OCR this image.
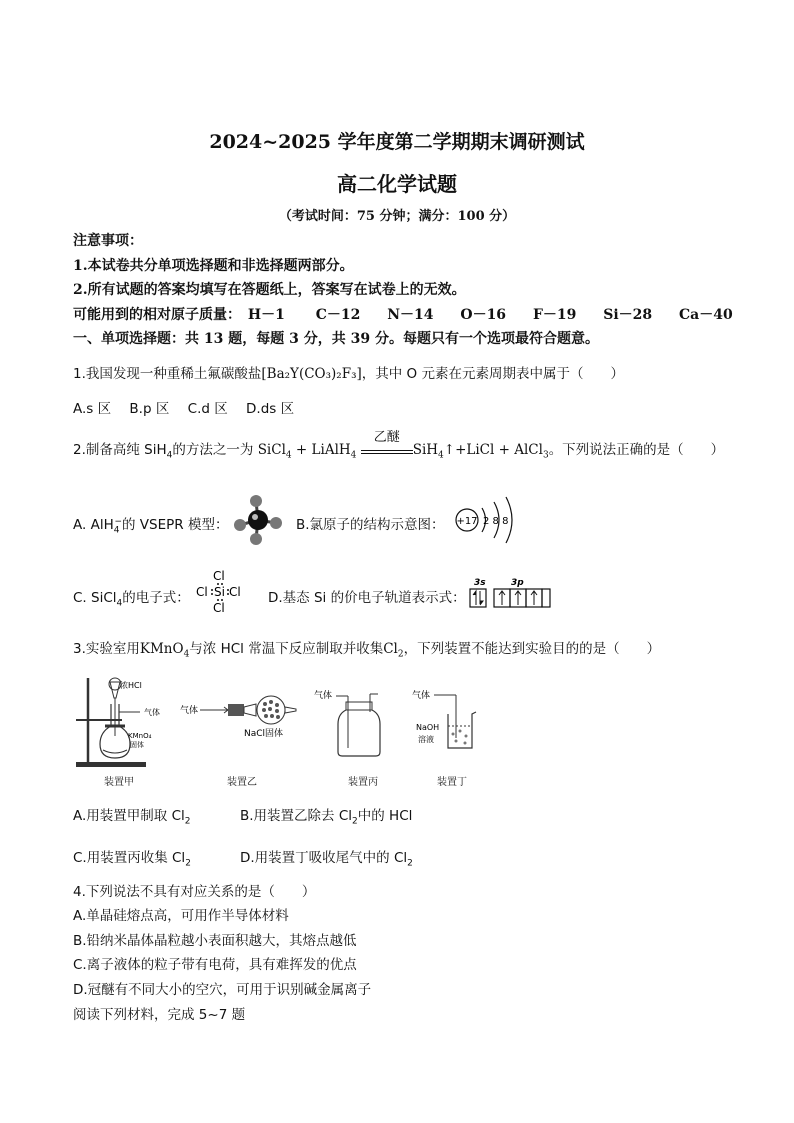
2024~2025 学年度第二学期期末调研测试
高二化学试题
（考试时间：75 分钟；满分：100 分）
注意事项：
1.本试卷共分单项选择题和非选择题两部分。
2.所有试题的答案均填写在答题纸上，答案写在试卷上的无效。
可能用到的相对原子质量： H－1 C－12 N－14 O－16 F－19 Si－28 Ca－40
一、单项选择题：共 13 题，每题 3 分，共 39 分。每题只有一个选项最符合题意。
1.我国发现一种重稀土氟碳酸盐[Ba₂Y(CO₃)₂F₃]，其中 O 元素在元素周期表中属于（　　）
A.s 区 B.p 区 C.d 区 D.ds 区
2.制备高纯 SiH$_4$的方法之一为 SiCl$_4$ + LiAlH$_4$
乙醚
SiH$_4$↑+LiCl + AlCl$_3$。下列说法正确的是（　　）
A. AlH$_4$−的 VSEPR 模型：	B.氯原子的结构示意图： +17 2 8 8
C. SiCl$_4$的电子式：
Cl
Cl Si Cl
Cl
D.基态 Si 的价电子轨道表示式：
3s	3p
3.实验室用KMnO$_4$与浓 HCl 常温下反应制取并收集$Cl_2$，下列装置不能达到实验目的的是（　　）
浓HCl
气体
KMnO₄
固体
装置甲
气体
NaCl固体
装置乙
气体
装置丙
气体
NaOH
溶液
装置丁
A.用装置甲制取 $Cl_2$	B.用装置乙除去 $Cl_2$中的 HCl
C.用装置丙收集 $Cl_2$	D.用装置丁吸收尾气中的 $Cl_2$
4.下列说法不具有对应关系的是（　　）
A.单晶硅熔点高，可用作半导体材料
B.铅纳米晶体晶粒越小表面积越大，其熔点越低
C.离子液体的粒子带有电荷，具有难挥发的优点
D.冠醚有不同大小的空穴，可用于识别碱金属离子
阅读下列材料，完成 5~7 题
